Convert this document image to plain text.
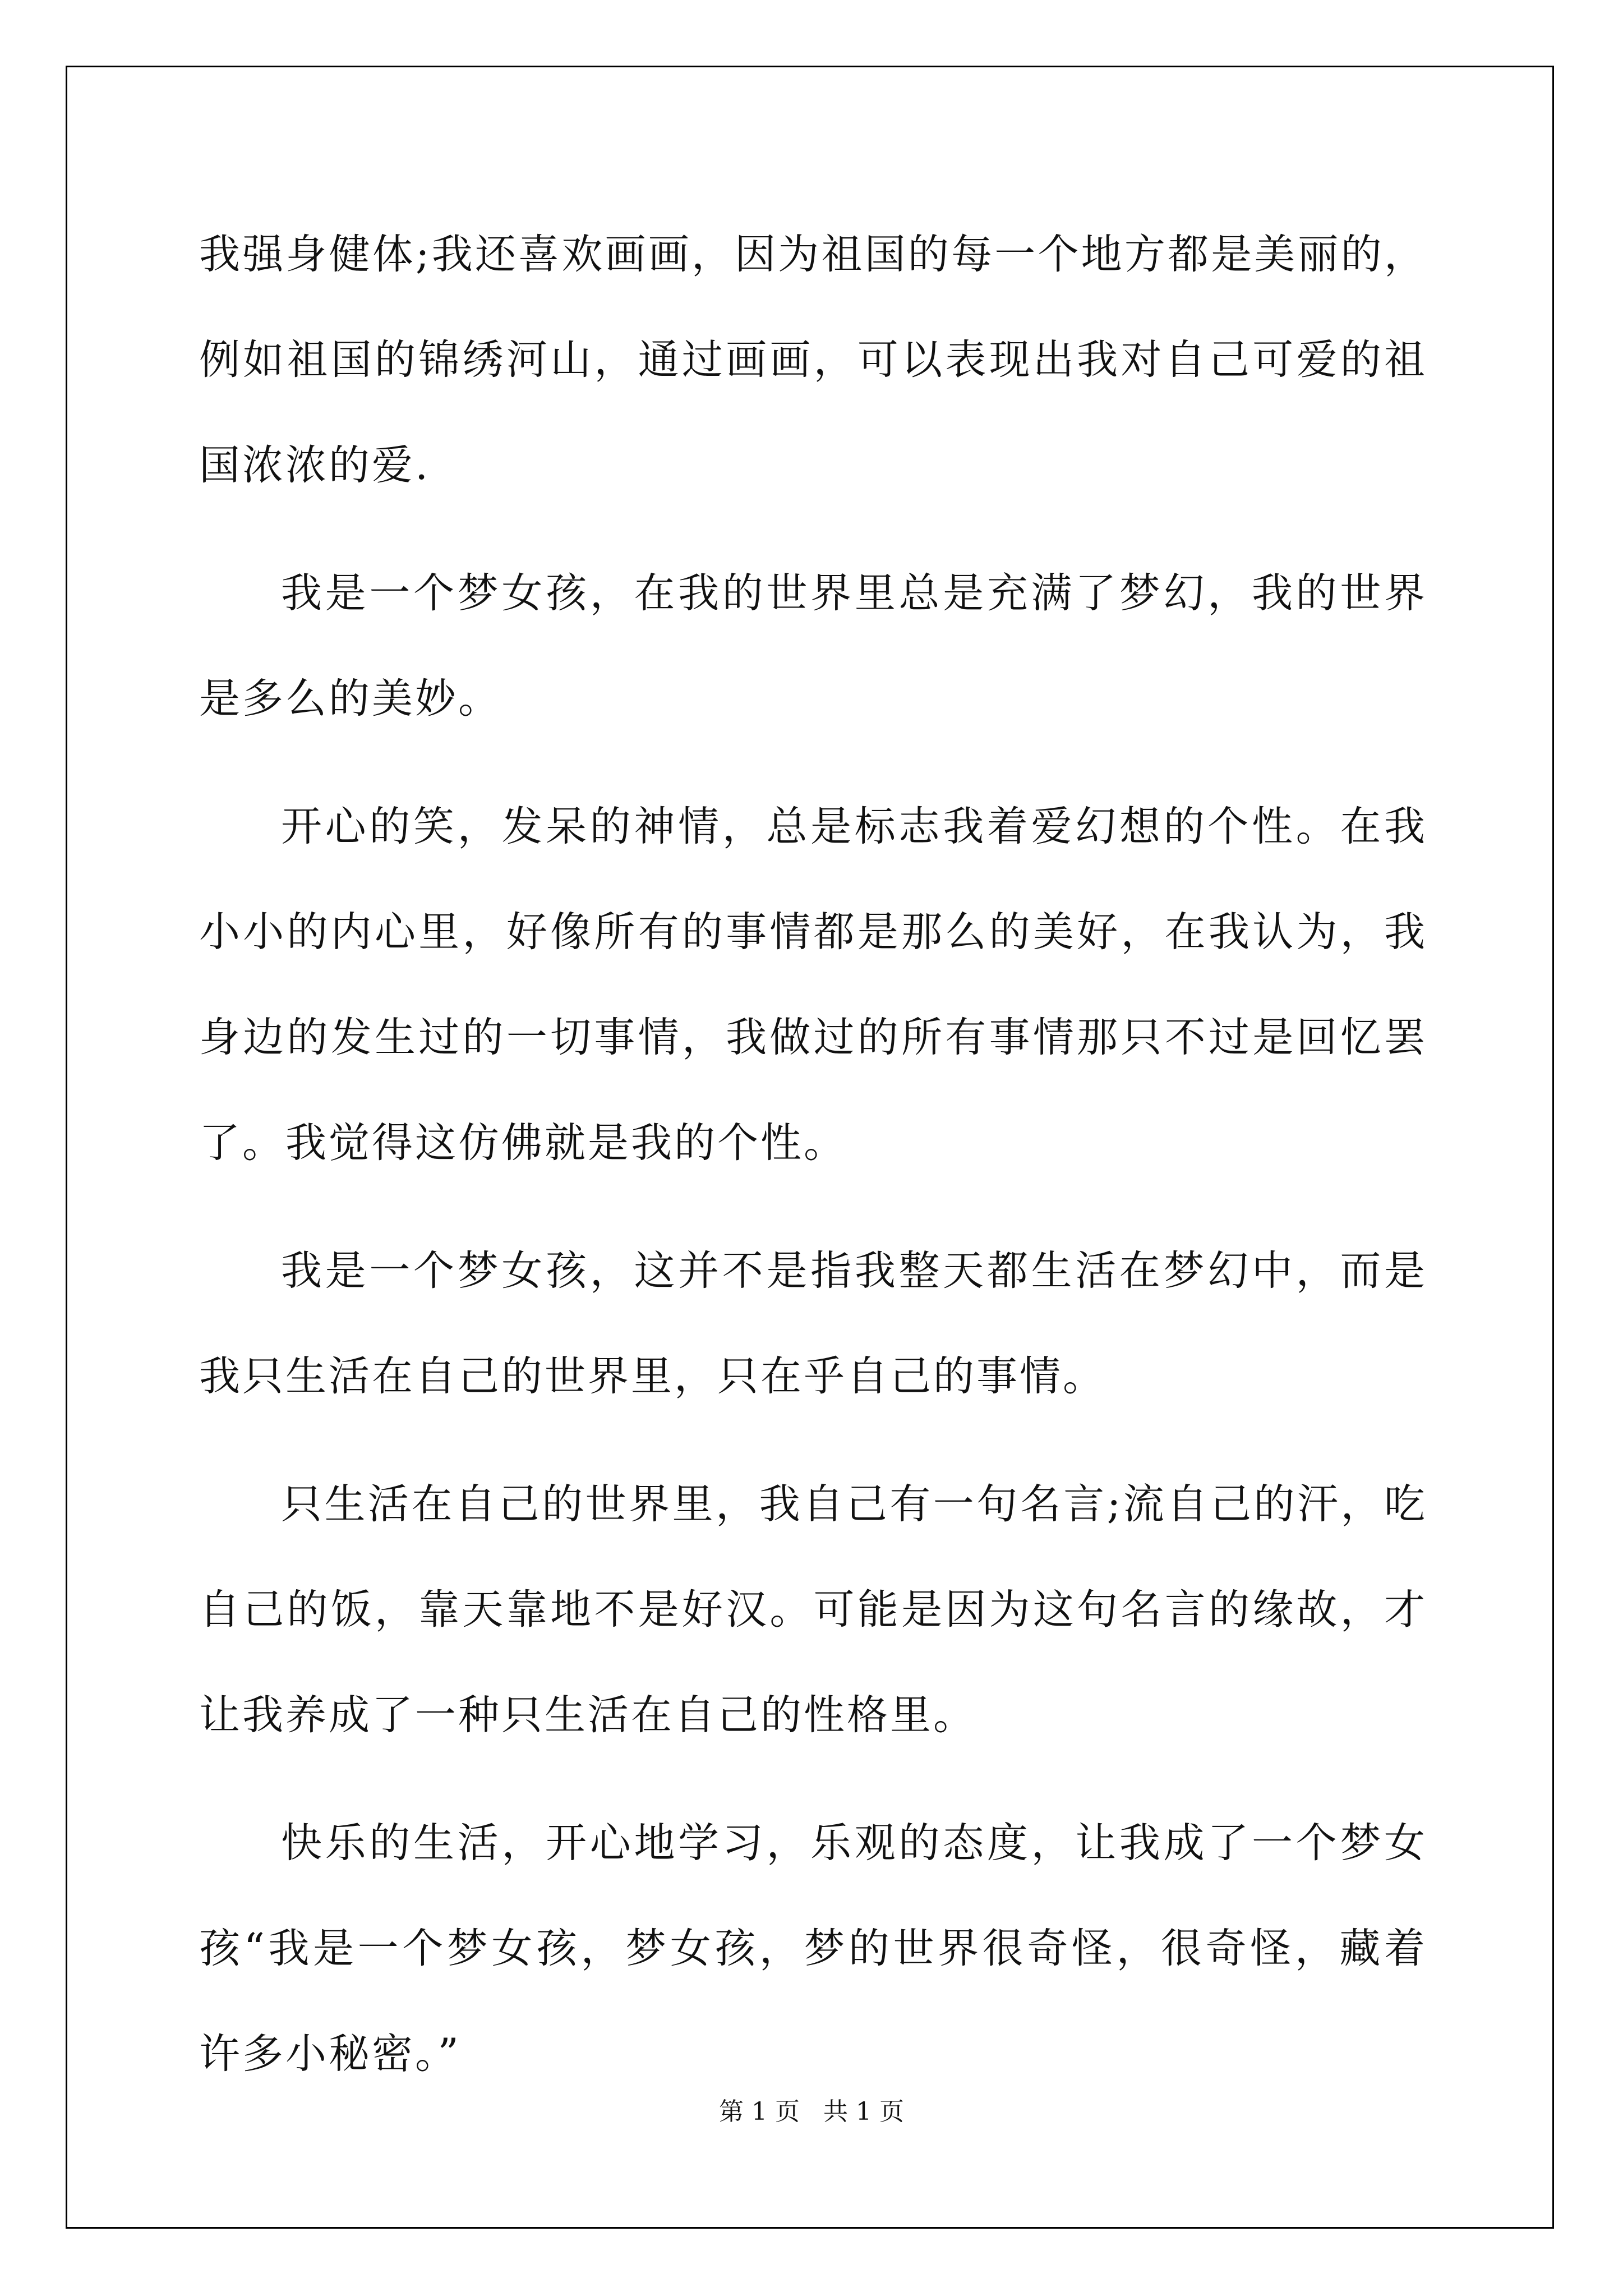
我强身健体;我还喜欢画画，因为祖国的每一个地方都是美丽的，例如祖国的锦绣河山，通过画画，可以表现出我对自己可爱的祖国浓浓的爱.

我是一个梦女孩，在我的世界里总是充满了梦幻，我的世界是多么的美妙。

开心的笑，发呆的神情，总是标志我着爱幻想的个性。在我小小的内心里，好像所有的事情都是那么的美好，在我认为，我身边的发生过的一切事情，我做过的所有事情那只不过是回忆罢了。我觉得这仿佛就是我的个性。

我是一个梦女孩，这并不是指我整天都生活在梦幻中，而是我只生活在自己的世界里，只在乎自己的事情。

只生活在自己的世界里，我自己有一句名言;流自己的汗，吃自己的饭，靠天靠地不是好汉。可能是因为这句名言的缘故，才让我养成了一种只生活在自己的性格里。

快乐的生活，开心地学习，乐观的态度，让我成了一个梦女孩“我是一个梦女孩，梦女孩，梦的世界很奇怪，很奇怪，藏着许多小秘密。”

第 1 页   共 1 页
